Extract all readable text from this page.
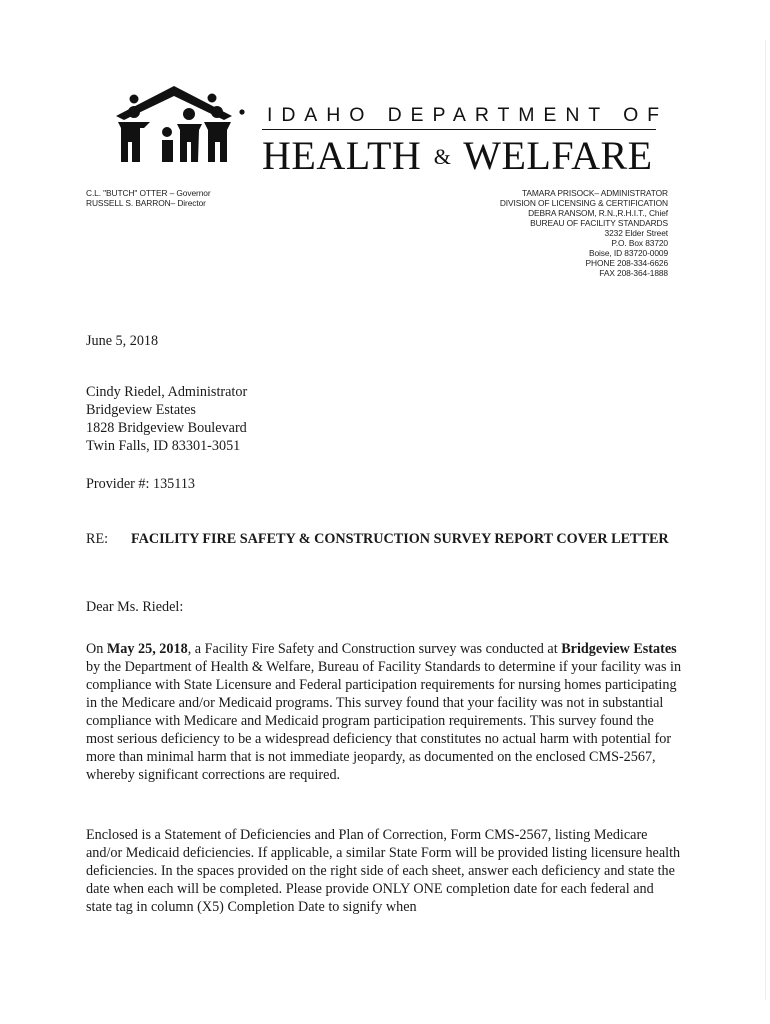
IDAHO DEPARTMENT OF
HEALTH & WELFARE
C.L. "BUTCH" OTTER – Governor
RUSSELL S. BARRON– Director
TAMARA PRISOCK– ADMINISTRATOR
DIVISION OF LICENSING & CERTIFICATION
DEBRA RANSOM, R.N.,R.H.I.T., Chief
BUREAU OF FACILITY STANDARDS
3232 Elder Street
P.O. Box 83720
Boise, ID 83720-0009
PHONE 208-334-6626
FAX 208-364-1888
June 5, 2018
Cindy Riedel, Administrator
Bridgeview Estates
1828 Bridgeview Boulevard
Twin Falls, ID 83301-3051
Provider #: 135113
RE: FACILITY FIRE SAFETY & CONSTRUCTION SURVEY REPORT COVER LETTER
Dear Ms. Riedel:
On May 25, 2018, a Facility Fire Safety and Construction survey was conducted at Bridgeview Estates by the Department of Health & Welfare, Bureau of Facility Standards to determine if your facility was in compliance with State Licensure and Federal participation requirements for nursing homes participating in the Medicare and/or Medicaid programs. This survey found that your facility was not in substantial compliance with Medicare and Medicaid program participation requirements. This survey found the most serious deficiency to be a widespread deficiency that constitutes no actual harm with potential for more than minimal harm that is not immediate jeopardy, as documented on the enclosed CMS-2567, whereby significant corrections are required.
Enclosed is a Statement of Deficiencies and Plan of Correction, Form CMS-2567, listing Medicare and/or Medicaid deficiencies. If applicable, a similar State Form will be provided listing licensure health deficiencies. In the spaces provided on the right side of each sheet, answer each deficiency and state the date when each will be completed. Please provide ONLY ONE completion date for each federal and state tag in column (X5) Completion Date to signify when
